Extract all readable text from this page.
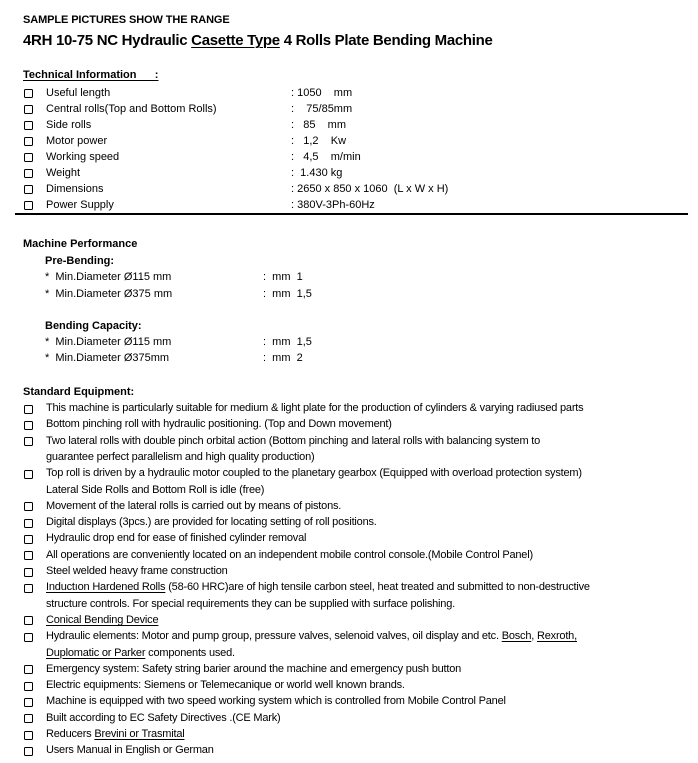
SAMPLE PICTURES SHOW THE RANGE
4RH 10-75 NC Hydraulic Casette Type 4 Rolls Plate Bending Machine
Technical Information      :
Useful length	: 1050    mm
Central rolls(Top and Bottom Rolls)	:    75/85mm
Side rolls	:   85    mm
Motor power	:   1,2    Kw
Working speed	:   4,5    m/min
Weight	:  1.430 kg
Dimensions	: 2650 x 850 x 1060  (L x W x H)
Power Supply	: 380V-3Ph-60Hz
Machine Performance
Pre-Bending:
*  Min.Diameter Ø115 mm	:  mm  1
*  Min.Diameter Ø375 mm	:  mm  1,5
Bending Capacity:
*  Min.Diameter Ø115 mm	:  mm  1,5
*  Min.Diameter Ø375mm	:  mm  2
Standard Equipment:
This machine is particularly suitable for medium & light plate for the production of cylinders & varying radiused parts
Bottom pinching roll with hydraulic positioning. (Top and Down movement)
Two lateral rolls with double pinch orbital action (Bottom pinching and lateral rolls with balancing system to
guarantee perfect parallelism and high quality production)
Top roll is driven by a hydraulic motor coupled to the planetary gearbox (Equipped with overload protection system)
Lateral Side Rolls and Bottom Roll is idle (free)
Movement of the lateral rolls is carried out by means of pistons.
Digital displays (3pcs.) are provided for locating setting of roll positions.
Hydraulic drop end for ease of finished cylinder removal
All operations are conveniently located on an independent mobile control console.(Mobile Control Panel)
Steel welded heavy frame construction
Inductıon Hardened Rolls (58-60 HRC)are of high tensile carbon steel, heat treated and submitted to non-destructive
structure controls. For special requirements they can be supplied with surface polishing.
Conical Bending Device
Hydraulic elements: Motor and pump group, pressure valves, selenoid valves, oil display and etc. Bosch, Rexroth,
Duplomatic or Parker components used.
Emergency system: Safety string barier around the machine and emergency push button
Electric equipments: Siemens or Telemecanique or world well known brands.
Machine is equipped with two speed working system which is controlled from Mobile Control Panel
Built according to EC Safety Directives .(CE Mark)
Reducers Brevini or Trasmital
Users Manual in English or German
